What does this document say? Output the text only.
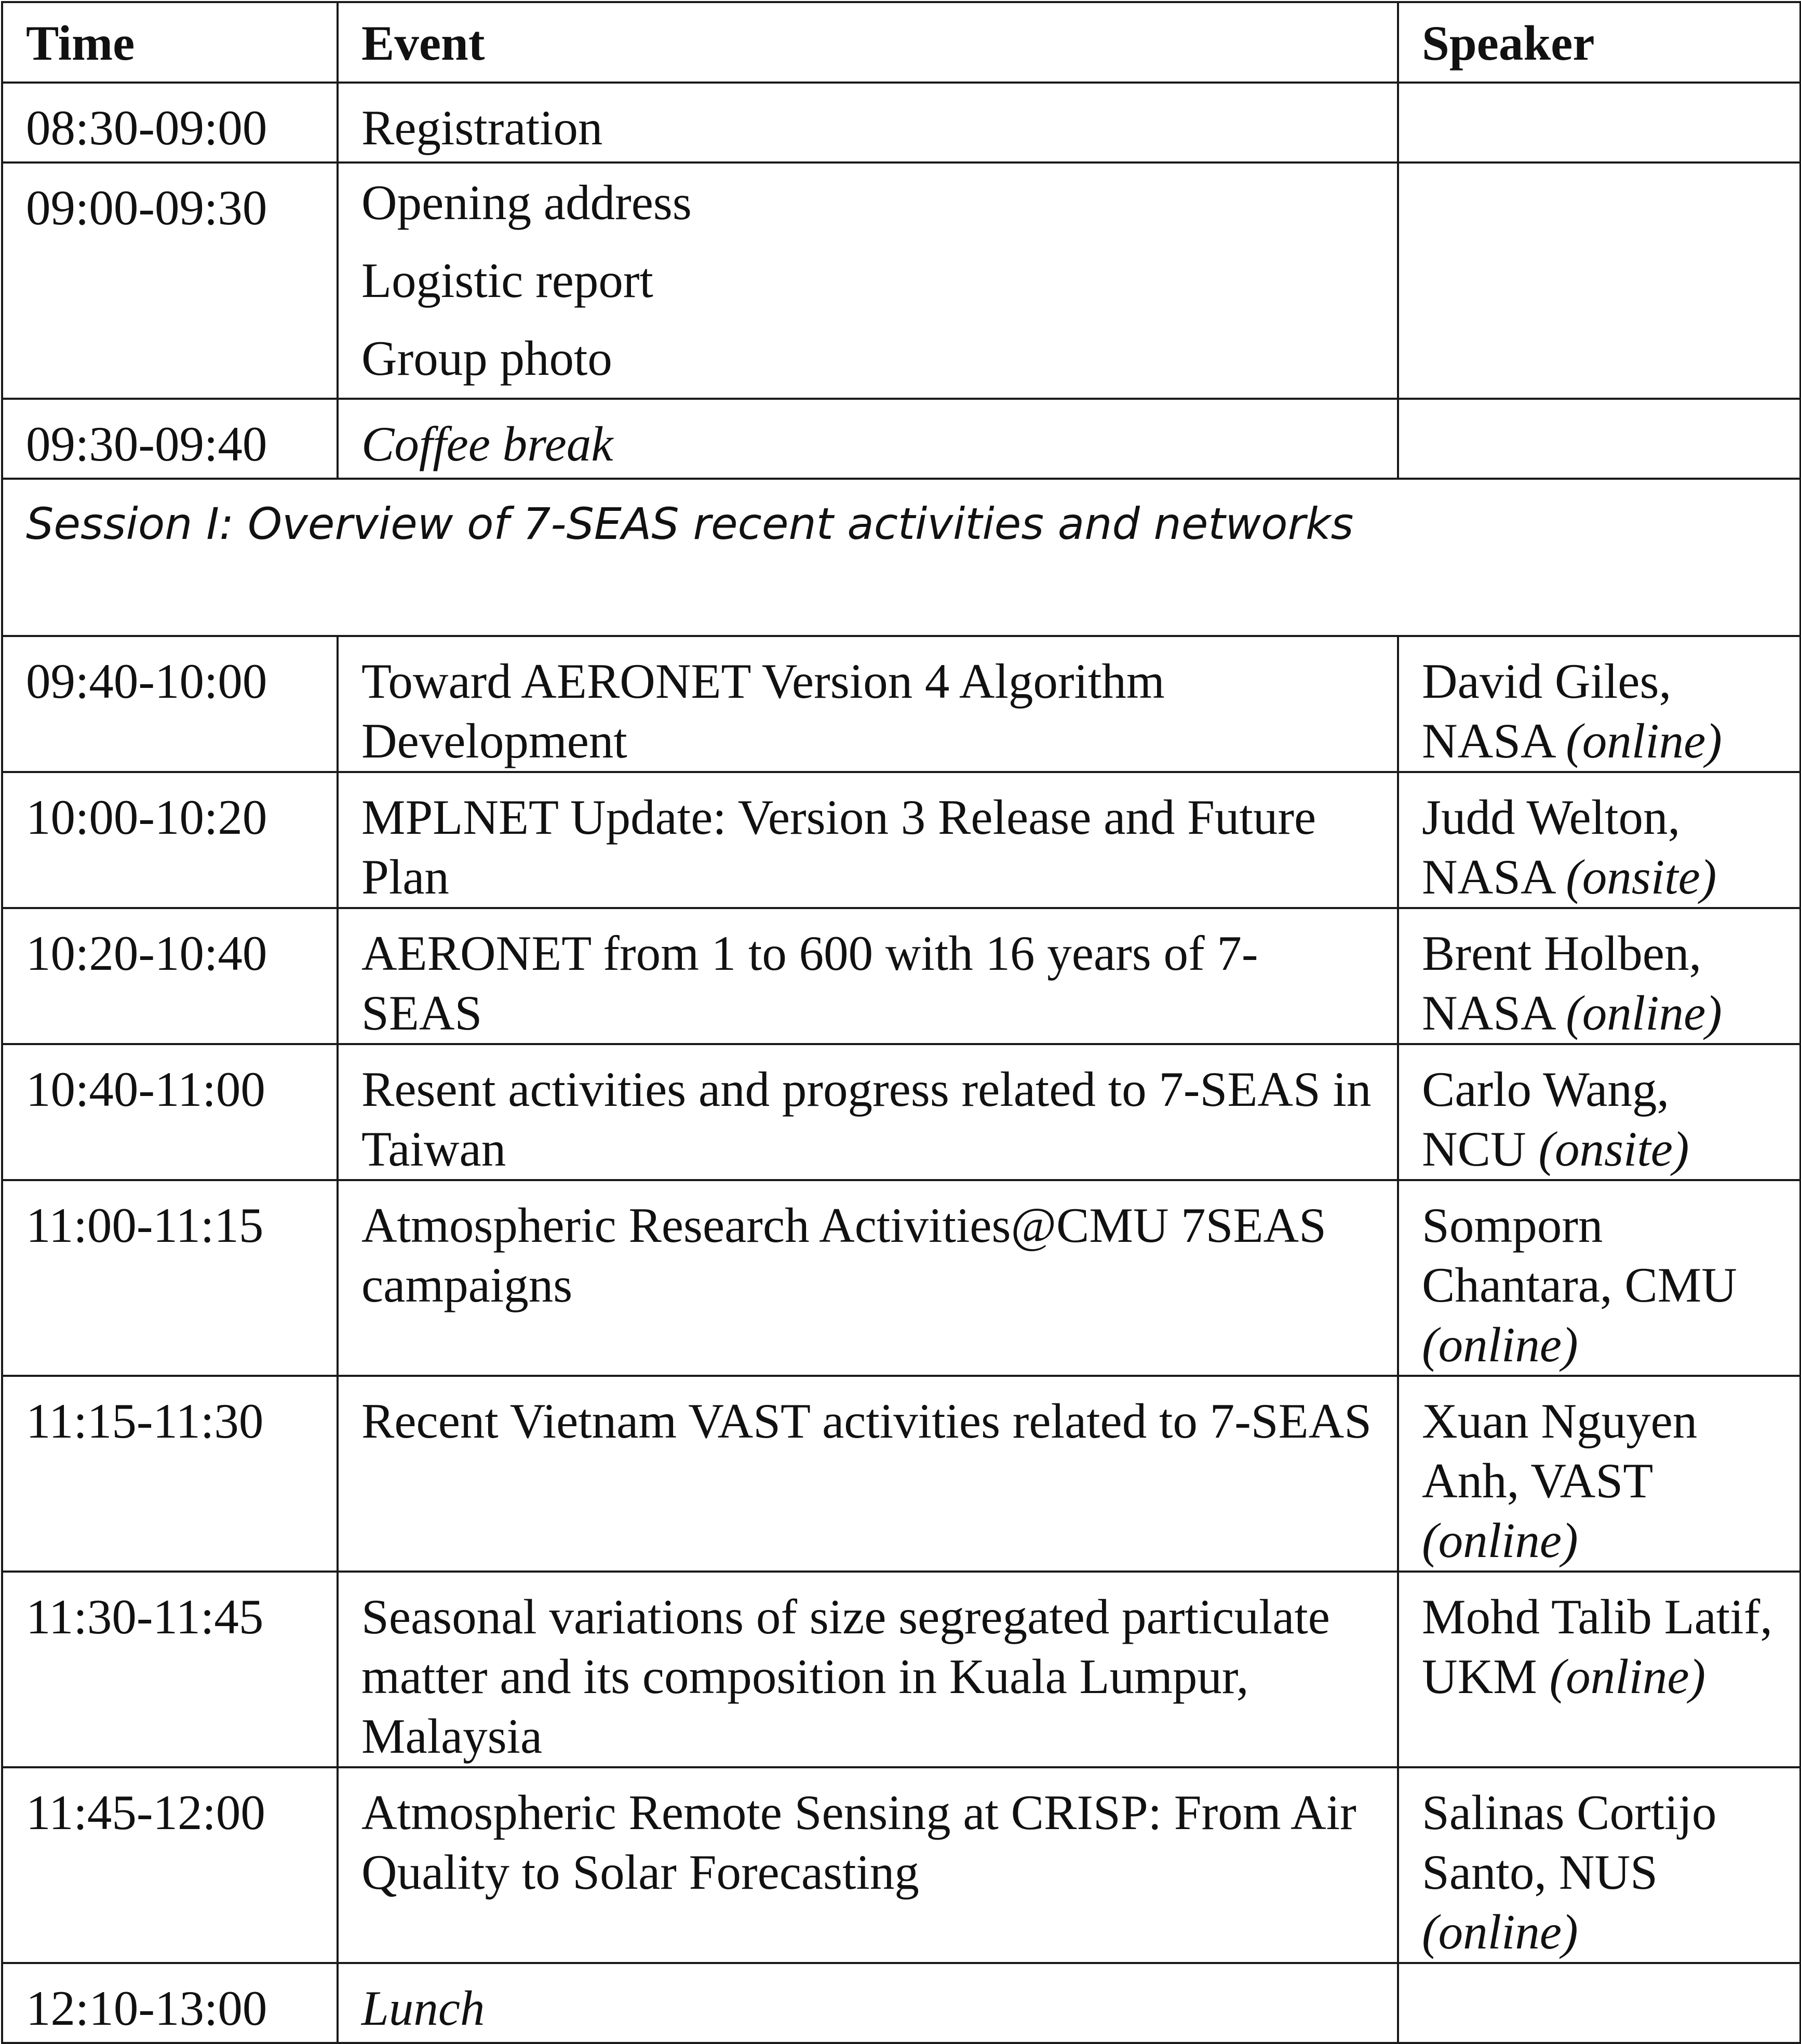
Time	Event	Speaker
08:30-09:00	Registration	
09:00-09:30	Opening address
Logistic report
Group photo	

09:30-09:40	Coffee break	
Session I: Overview of 7-SEAS recent activities and networks		
09:40-10:00	Toward AERONET Version 4 Algorithm Development	David Giles, NASA (online)
10:00-10:20	MPLNET Update: Version 3 Release and Future Plan	Judd Welton, NASA (onsite)
10:20-10:40	AERONET from 1 to 600 with 16 years of 7-SEAS	Brent Holben, NASA (online)
10:40-11:00	Resent activities and progress related to 7-SEAS in Taiwan	Carlo Wang, NCU (onsite)
11:00-11:15	Atmospheric Research Activities@CMU 7SEAS campaigns	Somporn Chantara, CMU (online)
11:15-11:30	Recent Vietnam VAST activities related to 7-SEAS	Xuan Nguyen Anh, VAST (online)
11:30-11:45	Seasonal variations of size segregated particulate matter and its composition in Kuala Lumpur, Malaysia	Mohd Talib Latif, UKM (online)
11:45-12:00	Atmospheric Remote Sensing at CRISP: From Air Quality to Solar Forecasting	Salinas Cortijo Santo, NUS (online)
12:10-13:00	Lunch	
